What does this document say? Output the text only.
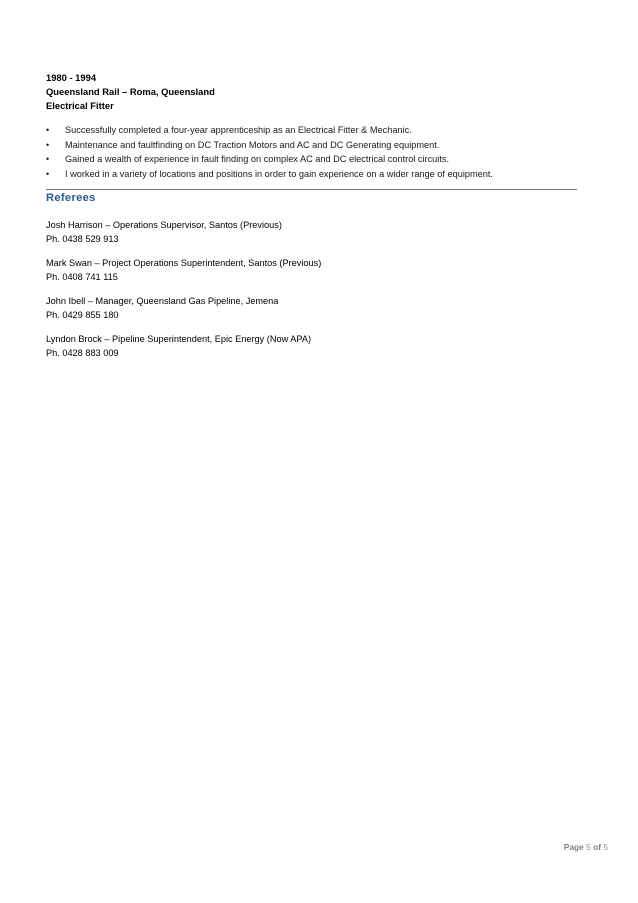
1980 - 1994
Queensland Rail – Roma, Queensland
Electrical Fitter
• Successfully completed a four-year apprenticeship as an Electrical Fitter & Mechanic.
• Maintenance and faultfinding on DC Traction Motors and AC and DC Generating equipment.
• Gained a wealth of experience in fault finding on complex AC and DC electrical control circuits.
• I worked in a variety of locations and positions in order to gain experience on a wider range of equipment.
Referees
Josh Harrison – Operations Supervisor, Santos (Previous)
Ph. 0438 529 913
Mark Swan – Project Operations Superintendent, Santos (Previous)
Ph. 0408 741 115
John Ibell – Manager, Queensland Gas Pipeline, Jemena
Ph. 0429 855 180
Lyndon Brock – Pipeline Superintendent, Epic Energy (Now APA)
Ph. 0428 883 009
Page 5 of 5
